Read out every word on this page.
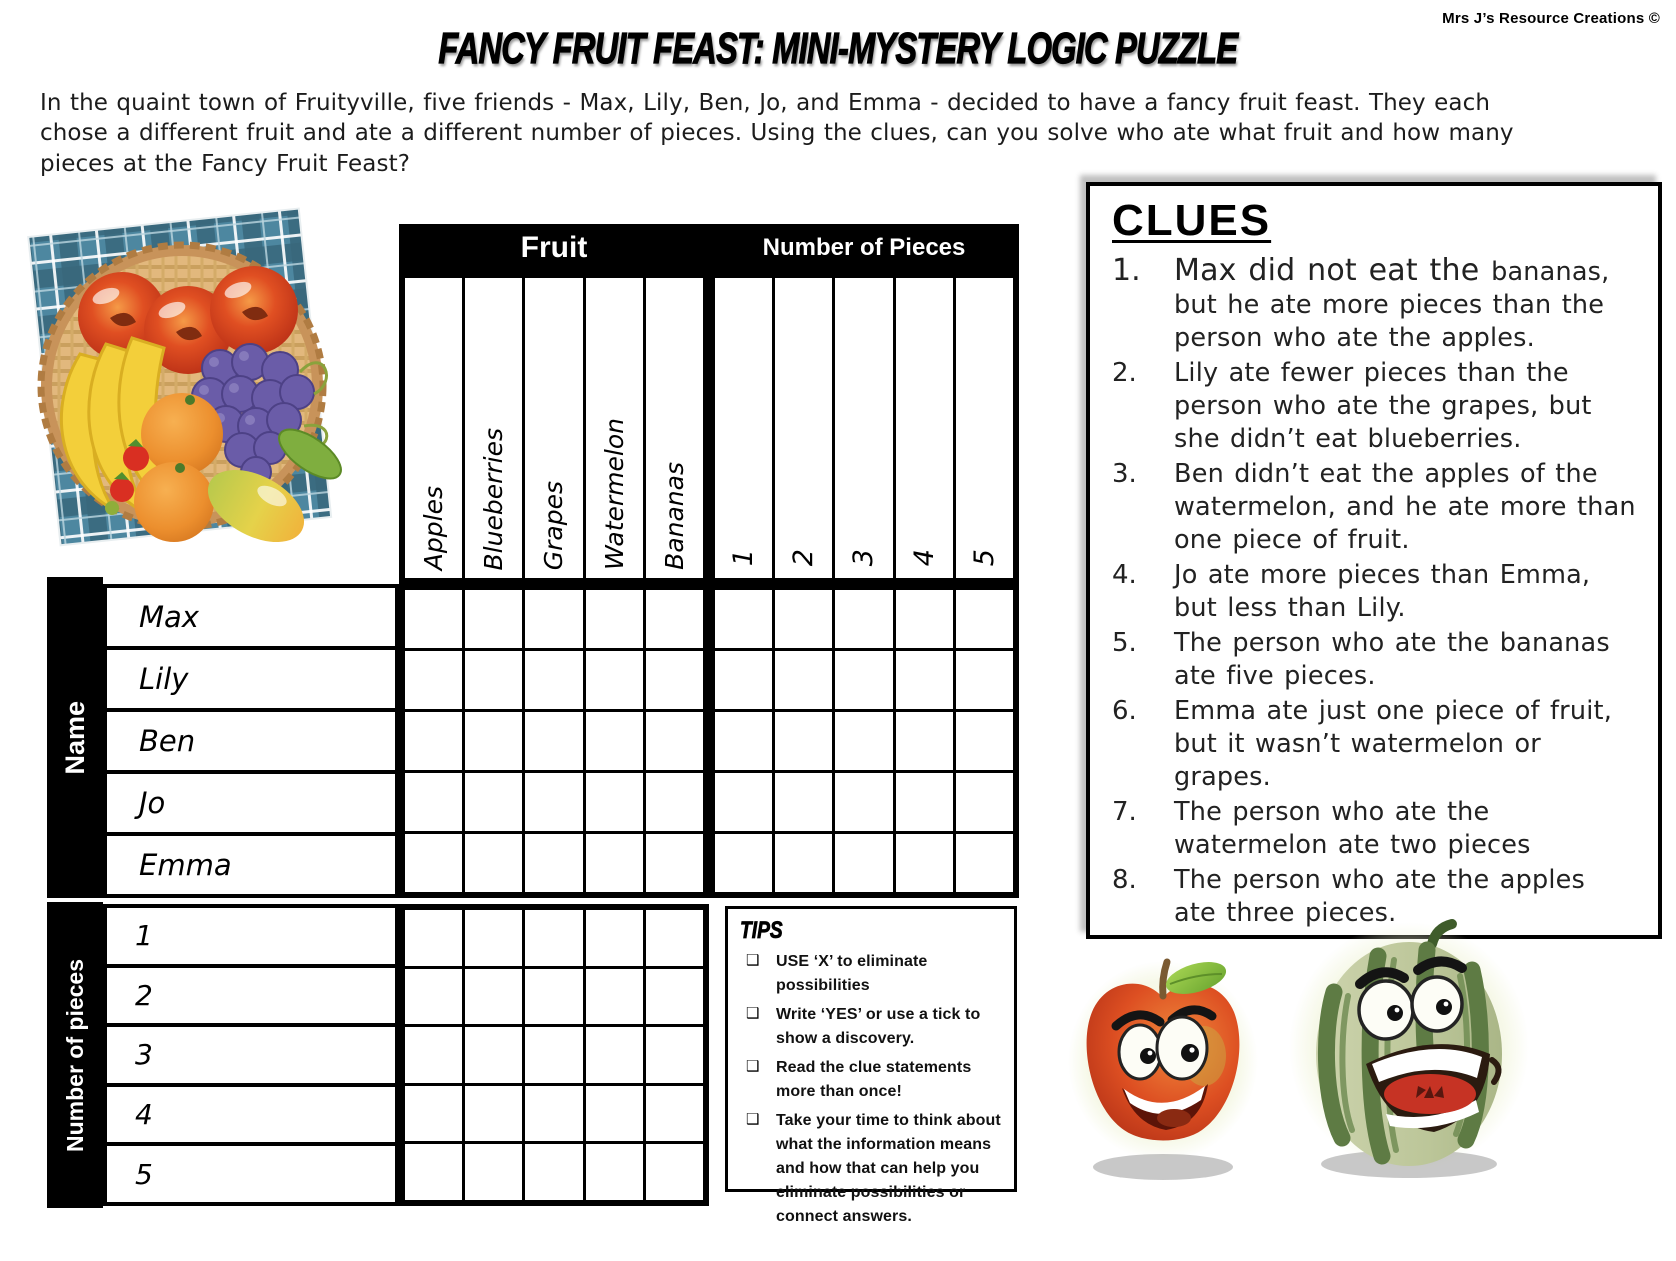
Mrs J’s Resource Creations ©
FANCY FRUIT FEAST: MINI-MYSTERY LOGIC PUZZLE
In the quaint town of Fruityville, five friends - Max, Lily, Ben, Jo, and Emma - decided to have a fancy fruit feast. They each chose a different fruit and ate a different number of pieces. Using the clues, can you solve who ate what fruit and how many pieces at the Fancy Fruit Feast?
Fruit	Number of Pieces
Apples Blueberries Grapes Watermelon Bananas 1 2 3 4 5
Name
Max
Lily
Ben
Jo
Emma
Number of pieces
1
2
3
4
5
TIPS
❑	USE ‘X’ to eliminate possibilities
❑	Write ‘YES’ or use a tick to show a discovery.
❑	Read the clue statements more than once!
❑	Take your time to think about what the information means and how that can help you eliminate possibilities or connect answers.
CLUES
1.	Max did not eat the bananas, but he ate more pieces than the person who ate the apples.
2.	Lily ate fewer pieces than the person who ate the grapes, but she didn’t eat blueberries.
3.	Ben didn’t eat the apples of the watermelon, and he ate more than one piece of fruit.
4.	Jo ate more pieces than Emma, but less than Lily.
5.	The person who ate the bananas ate five pieces.
6.	Emma ate just one piece of fruit, but it wasn’t watermelon or grapes.
7.	The person who ate the watermelon ate two pieces
8.	The person who ate the apples ate three pieces.
